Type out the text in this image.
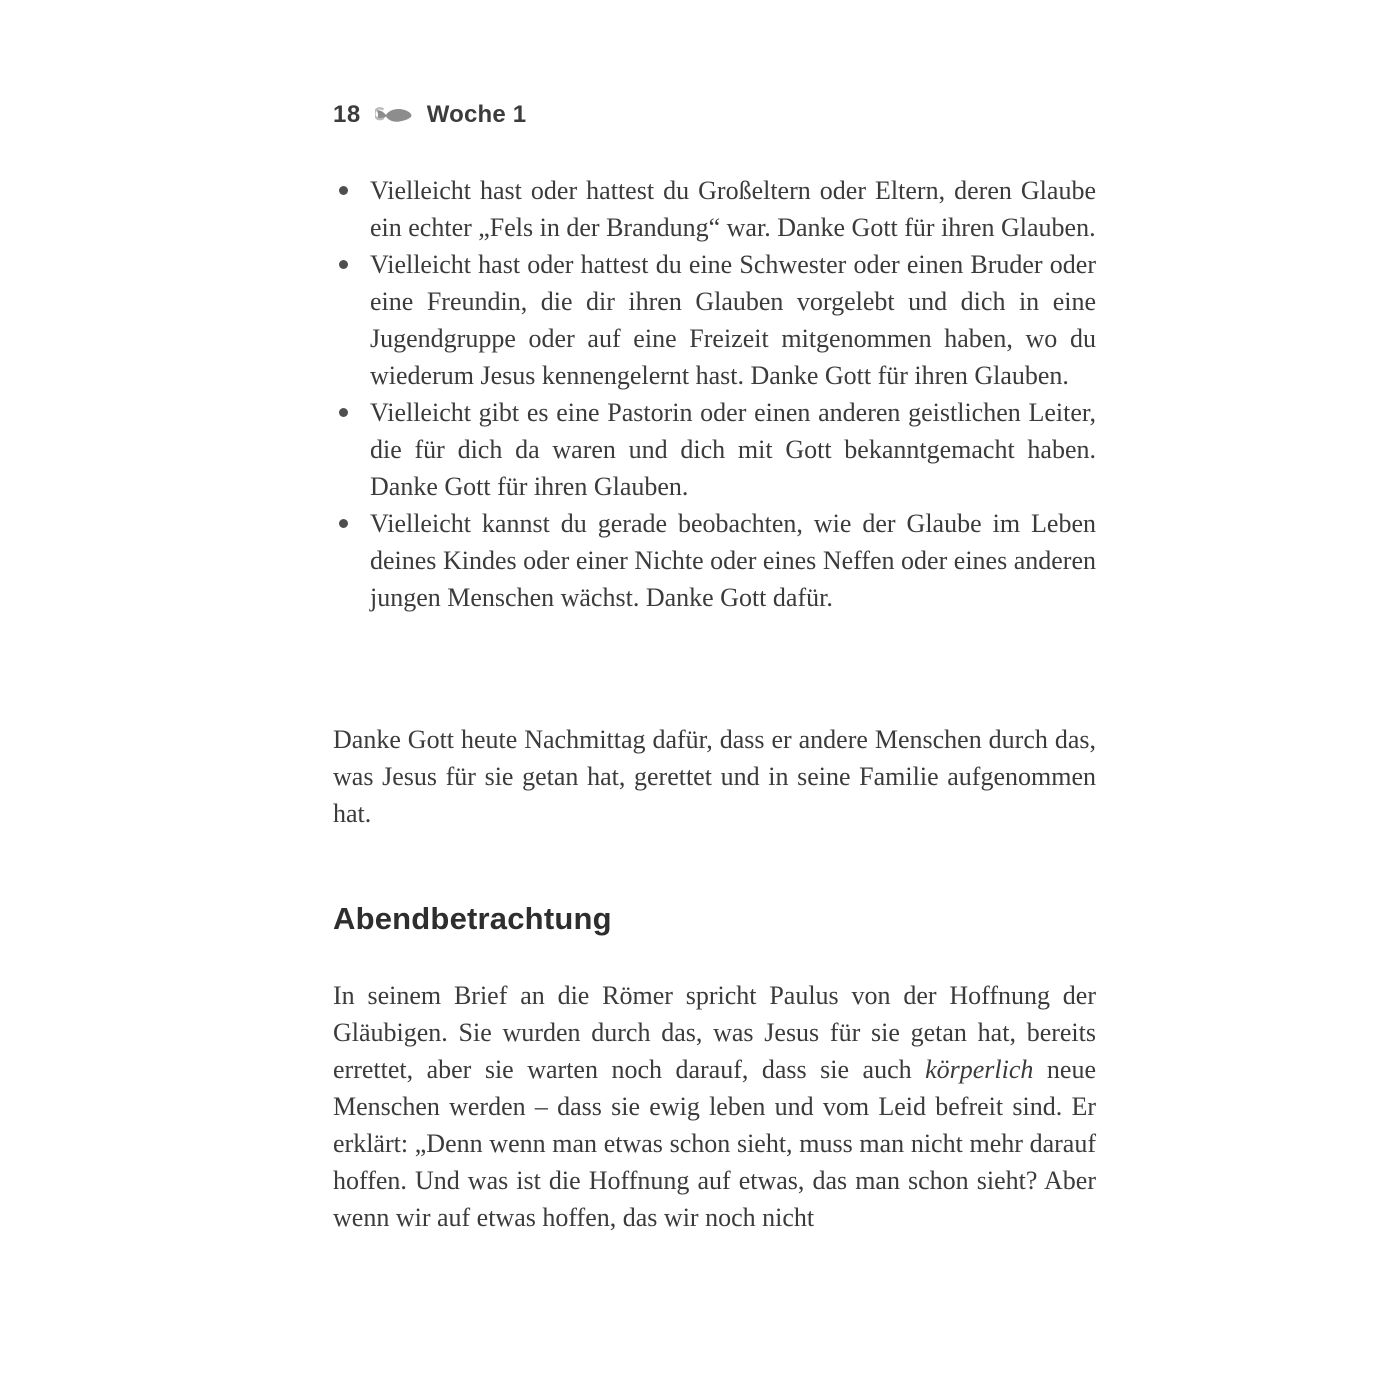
18	Woche 1
Vielleicht hast oder hattest du Großeltern oder Eltern, deren Glaube ein echter „Fels in der Brandung“ war. Danke Gott für ihren Glauben.
Vielleicht hast oder hattest du eine Schwester oder einen Bruder oder eine Freundin, die dir ihren Glauben vorgelebt und dich in eine Jugendgruppe oder auf eine Freizeit mitgenommen haben, wo du wiederum Jesus kennengelernt hast. Danke Gott für ihren Glauben.
Vielleicht gibt es eine Pastorin oder einen anderen geistlichen Leiter, die für dich da waren und dich mit Gott bekanntgemacht haben. Danke Gott für ihren Glauben.
Vielleicht kannst du gerade beobachten, wie der Glaube im Leben deines Kindes oder einer Nichte oder eines Neffen oder eines anderen jungen Menschen wächst. Danke Gott dafür.

Danke Gott heute Nachmittag dafür, dass er andere Menschen durch das, was Jesus für sie getan hat, gerettet und in seine Familie aufgenommen hat.

Abendbetrachtung

In seinem Brief an die Römer spricht Paulus von der Hoffnung der Gläubigen. Sie wurden durch das, was Jesus für sie getan hat, bereits errettet, aber sie warten noch darauf, dass sie auch körperlich neue Menschen werden – dass sie ewig leben und vom Leid befreit sind. Er erklärt: „Denn wenn man etwas schon sieht, muss man nicht mehr darauf hoffen. Und was ist die Hoffnung auf etwas, das man schon sieht? Aber wenn wir auf etwas hoffen, das wir noch nicht
